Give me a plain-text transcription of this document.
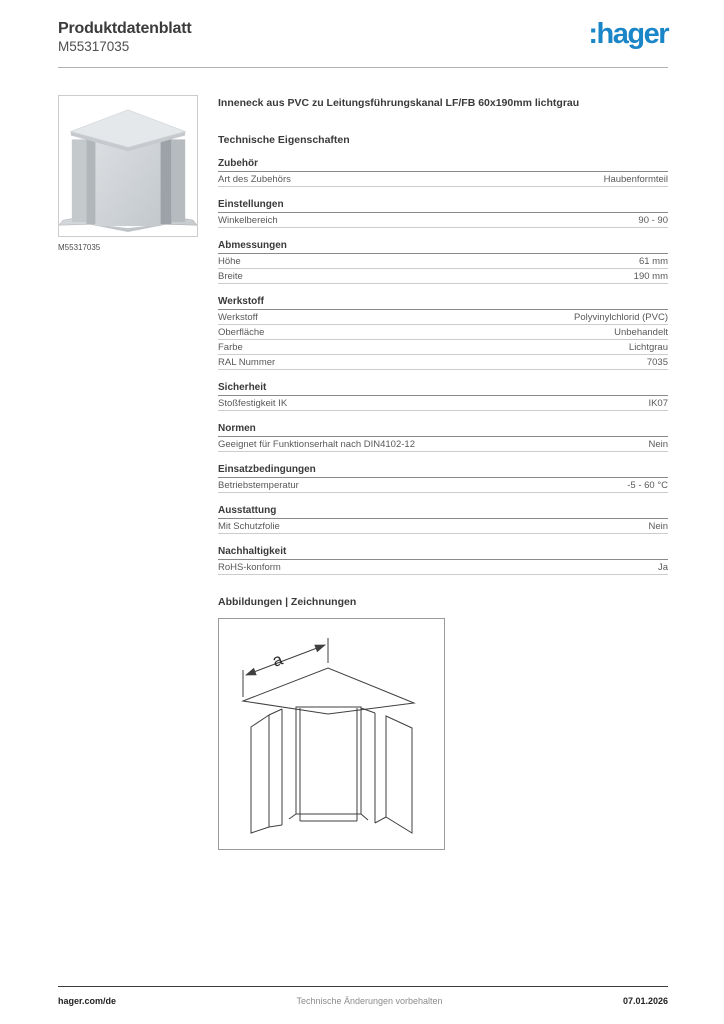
Produktdatenblatt
M55317035	:hager
M55317035
Inneneck aus PVC zu Leitungsführungskanal LF/FB 60x190mm lichtgrau
Technische Eigenschaften
Zubehör
Art des Zubehörs	Haubenformteil
Einstellungen
Winkelbereich	90 - 90
Abmessungen
Höhe	61 mm
Breite	190 mm
Werkstoff
Werkstoff	Polyvinylchlorid (PVC)
Oberfläche	Unbehandelt
Farbe	Lichtgrau
RAL Nummer	7035
Sicherheit
Stoßfestigkeit IK	IK07
Normen
Geeignet für Funktionserhalt nach DIN4102-12	Nein
Einsatzbedingungen
Betriebstemperatur	-5 - 60 °C
Ausstattung
Mit Schutzfolie	Nein
Nachhaltigkeit
RoHS-konform	Ja
Abbildungen | Zeichnungen
a
hager.com/de	Technische Änderungen vorbehalten	07.01.2026
